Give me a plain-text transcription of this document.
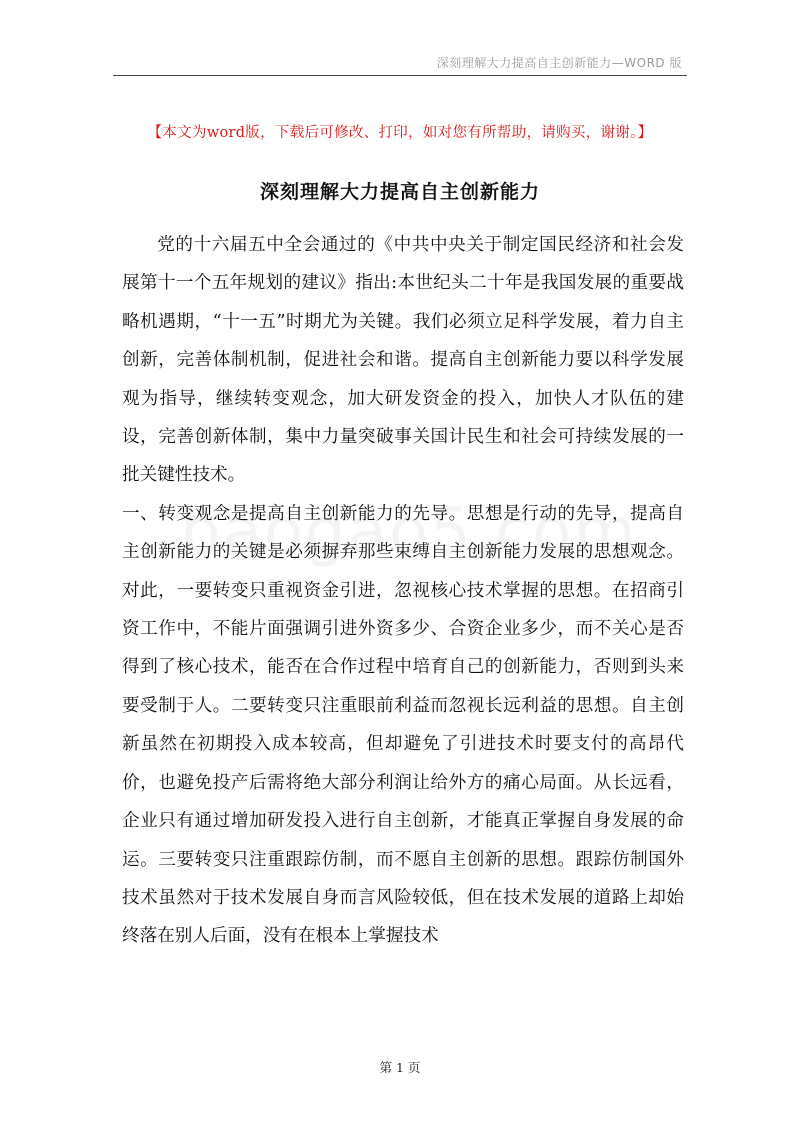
深刻理解大力提高自主创新能力—WORD 版
【本文为word版，下载后可修改、打印，如对您有所帮助，请购买，谢谢。】
深刻理解大力提高自主创新能力

党的十六届五中全会通过的《中共中央关于制定国民经济和社会发展第十一个五年规划的建议》指出:本世纪头二十年是我国发展的重要战略机遇期，“十一五”时期尤为关键。我们必须立足科学发展，着力自主创新，完善体制机制，促进社会和谐。提高自主创新能力要以科学发展观为指导，继续转变观念，加大研发资金的投入，加快人才队伍的建设，完善创新体制，集中力量突破事关国计民生和社会可持续发展的一批关键性技术。

一、转变观念是提高自主创新能力的先导。思想是行动的先导，提高自主创新能力的关键是必须摒弃那些束缚自主创新能力发展的思想观念。对此，一要转变只重视资金引进，忽视核心技术掌握的思想。在招商引资工作中，不能片面强调引进外资多少、合资企业多少，而不关心是否得到了核心技术，能否在合作过程中培育自己的创新能力，否则到头来要受制于人。二要转变只注重眼前利益而忽视长远利益的思想。自主创新虽然在初期投入成本较高，但却避免了引进技术时要支付的高昂代价，也避免投产后需将绝大部分利润让给外方的痛心局面。从长远看，企业只有通过增加研发投入进行自主创新，才能真正掌握自身发展的命运。三要转变只注重跟踪仿制，而不愿自主创新的思想。跟踪仿制国外技术虽然对于技术发展自身而言风险较低，但在技术发展的道路上却始终落在别人后面，没有在根本上掌握技术

第 1 页
